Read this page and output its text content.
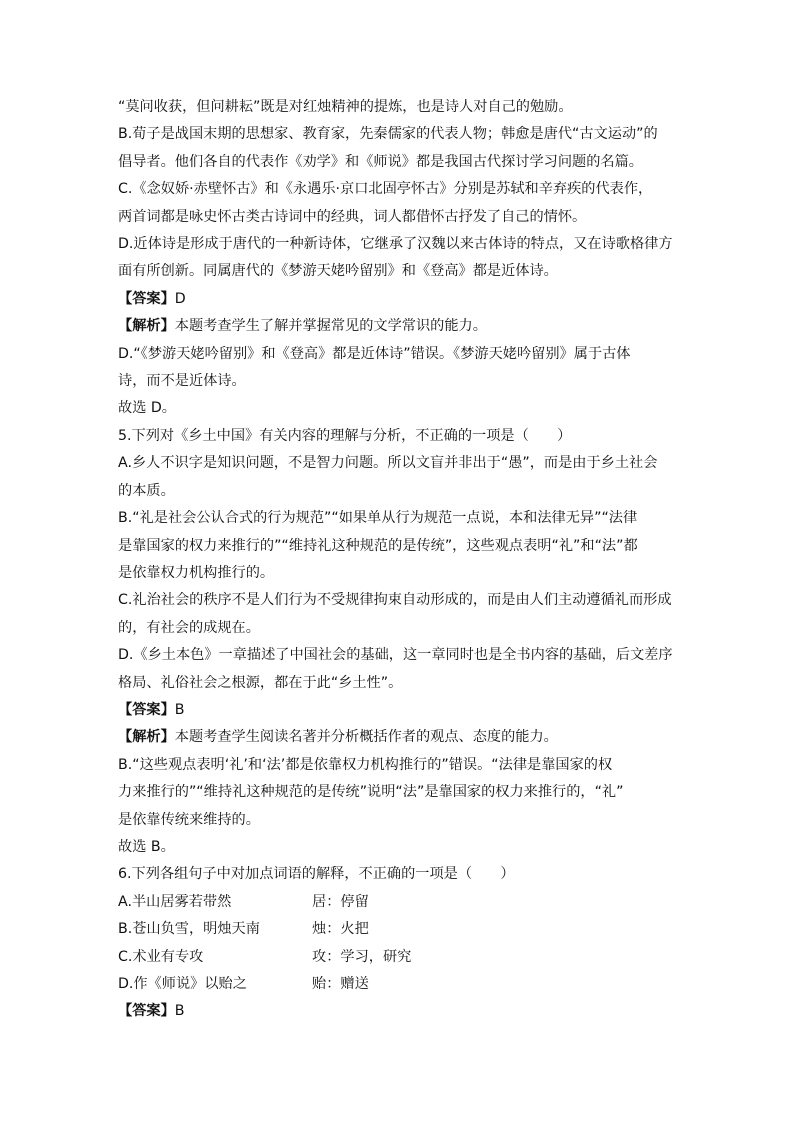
“莫问收获，但问耕耘”既是对红烛精神的提炼，也是诗人对自己的勉励。

B.荀子是战国末期的思想家、教育家，先秦儒家的代表人物；韩愈是唐代“古文运动”的

倡导者。他们各自的代表作《劝学》和《师说》都是我国古代探讨学习问题的名篇。

C.《念奴娇·赤壁怀古》和《永遇乐·京口北固亭怀古》分别是苏轼和辛弃疾的代表作，

两首词都是咏史怀古类古诗词中的经典，词人都借怀古抒发了自己的情怀。

D.近体诗是形成于唐代的一种新诗体，它继承了汉魏以来古体诗的特点，又在诗歌格律方

面有所创新。同属唐代的《梦游天姥吟留别》和《登高》都是近体诗。

【答案】D

【解析】本题考查学生了解并掌握常见的文学常识的能力。

D.“《梦游天姥吟留别》和《登高》都是近体诗”错误。《梦游天姥吟留别》属于古体

诗，而不是近体诗。

故选 D。

5.下列对《乡土中国》有关内容的理解与分析，不正确的一项是（　　）

A.乡人不识字是知识问题，不是智力问题。所以文盲并非出于“愚”，而是由于乡土社会

的本质。

B.“礼是社会公认合式的行为规范”“如果单从行为规范一点说，本和法律无异”“法律

是靠国家的权力来推行的”“维持礼这种规范的是传统”，这些观点表明“礼”和“法”都

是依靠权力机构推行的。

C.礼治社会的秩序不是人们行为不受规律拘束自动形成的，而是由人们主动遵循礼而形成

的，有社会的成规在。

D.《乡土本色》一章描述了中国社会的基础，这一章同时也是全书内容的基础，后文差序

格局、礼俗社会之根源，都在于此“乡土性”。

【答案】B

【解析】本题考查学生阅读名著并分析概括作者的观点、态度的能力。

B.“这些观点表明‘礼’和‘法’都是依靠权力机构推行的”错误。“法律是靠国家的权

力来推行的”“维持礼这种规范的是传统”说明“法”是靠国家的权力来推行的，“礼”

是依靠传统来维持的。

故选 B。

6.下列各组句子中对加点词语的解释，不正确的一项是（　　）

A.半山居雾若带然	居：停留
B.苍山负雪，明烛天南	烛：火把
C.术业有专攻	攻：学习，研究
D.作《师说》以贻之	贻：赠送

【答案】B
